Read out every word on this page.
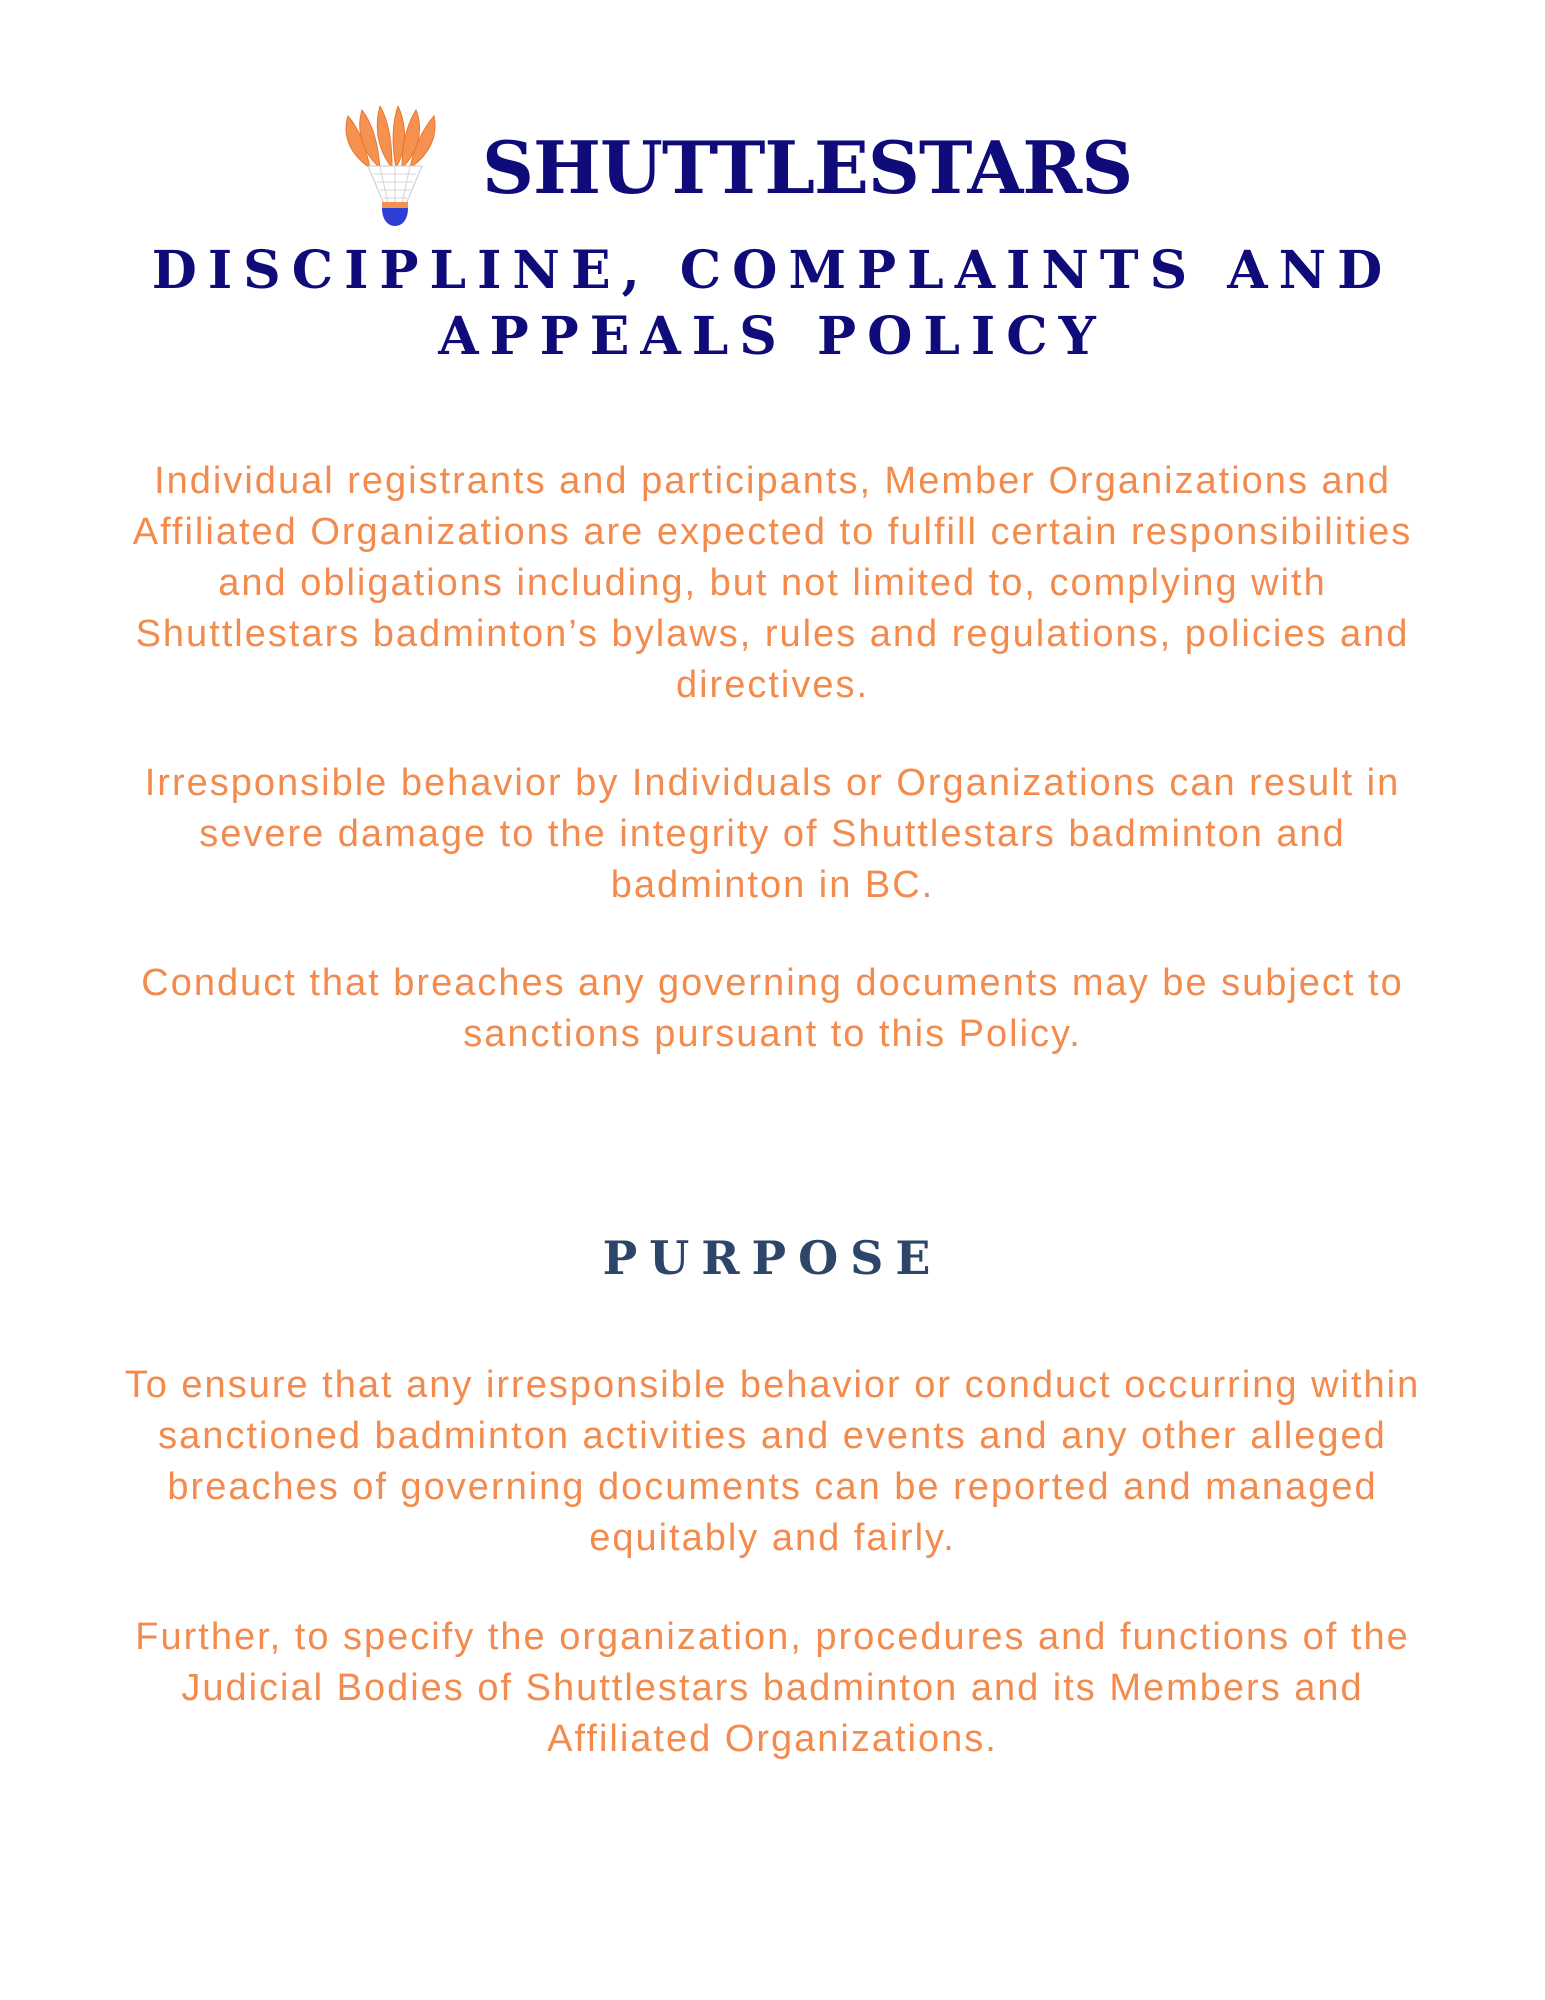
SHUTTLESTARS
DISCIPLINE, COMPLAINTS AND
APPEALS POLICY

Individual registrants and participants, Member Organizations and Affiliated Organizations are expected to fulfill certain responsibilities and obligations including, but not limited to, complying with Shuttlestars badminton’s bylaws, rules and regulations, policies and directives.

Irresponsible behavior by Individuals or Organizations can result in severe damage to the integrity of Shuttlestars badminton and badminton in BC.

Conduct that breaches any governing documents may be subject to sanctions pursuant to this Policy.

PURPOSE

To ensure that any irresponsible behavior or conduct occurring within sanctioned badminton activities and events and any other alleged breaches of governing documents can be reported and managed equitably and fairly.

Further, to specify the organization, procedures and functions of the Judicial Bodies of Shuttlestars badminton and its Members and Affiliated Organizations.
